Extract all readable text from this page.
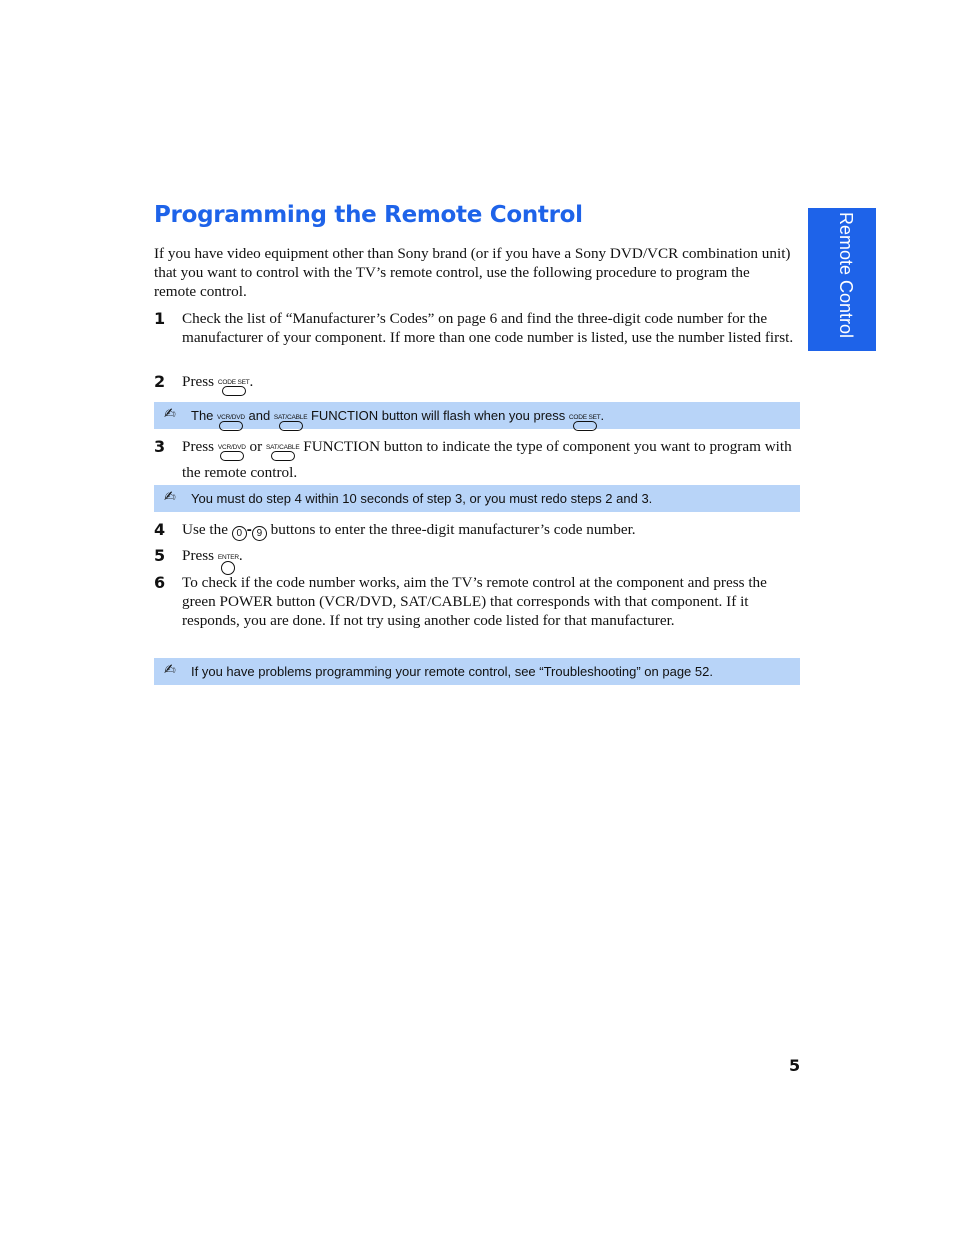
Programming the Remote Control	Remote Control

If you have video equipment other than Sony brand (or if you have a Sony DVD/VCR combination unit) that you want to control with the TV’s remote control, use the following procedure to program the remote control.

1 Check the list of “Manufacturer’s Codes” on page 6 and find the three-digit code number for the manufacturer of your component. If more than one code number is listed, use the number listed first.

2 Press CODE SET .

✍ The VCR/DVD and SAT/CABLE FUNCTION button will flash when you press CODE SET .
3 Press VCR/DVD or SAT/CABLE FUNCTION button to indicate the type of component you want to program with the remote control.

✍ You must do step 4 within 10 seconds of step 3, or you must redo steps 2 and 3.
4 Use the 0 - 9 buttons to enter the three-digit manufacturer’s code number.

5 Press ENTER .

6 To check if the code number works, aim the TV’s remote control at the component and press the green POWER button (VCR/DVD, SAT/CABLE) that corresponds with that component. If it responds, you are done. If not try using another code listed for that manufacturer.

✍ If you have problems programming your remote control, see “Troubleshooting” on page 52.
5
